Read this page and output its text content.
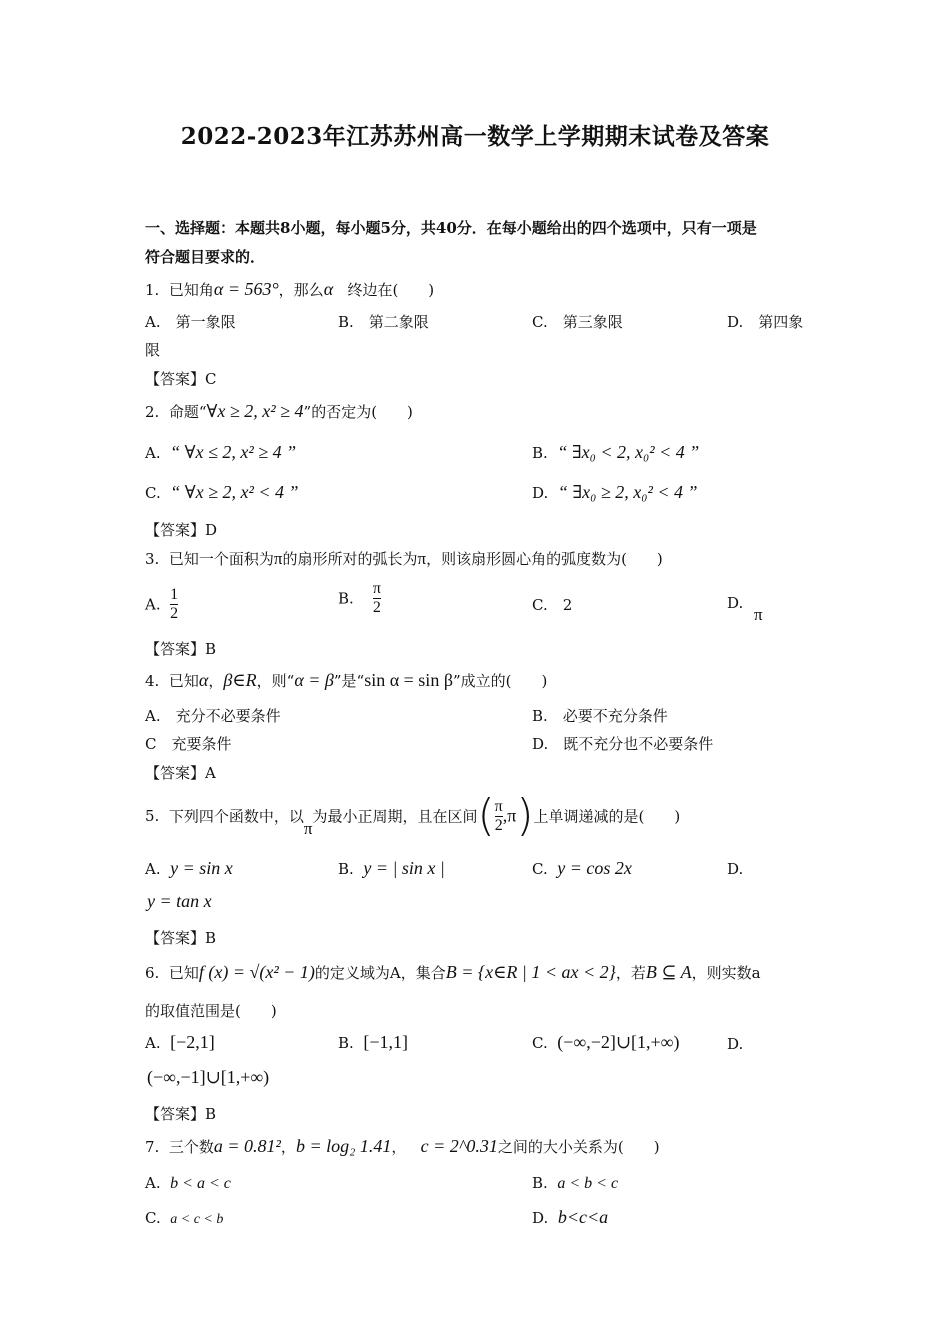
2022-2023年江苏苏州高一数学上学期期末试卷及答案
一、选择题：本题共8小题，每小题5分，共40分．在每小题给出的四个选项中，只有一项是
符合题目要求的．
1. 已知角α = 563°，那么α 终边在(　　)
A.　第一象限	B.　第二象限	C.　第三象限	D.　第四象
限
【答案】C
2. 命题“∀x ≥ 2, x² ≥ 4”的否定为(　　)
A. “ ∀x ≤ 2, x² ≥ 4 ”	B. “ ∃x₀ < 2, x₀² < 4 ”
C. “ ∀x ≥ 2, x² < 4 ”	D. “ ∃x₀ ≥ 2, x₀² < 4 ”
【答案】D
3. 已知一个面积为π的扇形所对的弧长为π，则该扇形圆心角的弧度数为(　　)
A. $\frac{1}{2}$	B. $\frac{\pi}{2}$	C.　2	D.
π
【答案】B
4. 已知α，β∈R，则“α = β”是“sin α = sin β”成立的(　　)
A.　充分不必要条件	B.　必要不充分条件
C　充要条件	D.　既不充分也不必要条件
【答案】A
5. 下列四个函数中，以π为最小正周期，且在区间( $\frac{\pi}{2} ,\pi$)上单调递减的是(　　)
A. y = sin x	B. y = | sin x |	C. y = cos 2x	D.
y = tan x
【答案】B
6. 已知f (x) = √(x² − 1)的定义域为A，集合B = {x∈R | 1 < ax < 2}，若B ⊆ A，则实数a
的取值范围是(　　)
A. [−2,1]	B. [−1,1]	C. (−∞,−2]∪[1,+∞)	D.
(−∞,−1]∪[1,+∞)
【答案】B
7. 三个数a = 0.81²，b = log₂ 1.41， c = 2^0.31之间的大小关系为(　　)
A. b < a < c	B. a < b < c
C. a < c < b	D. b<c<a
